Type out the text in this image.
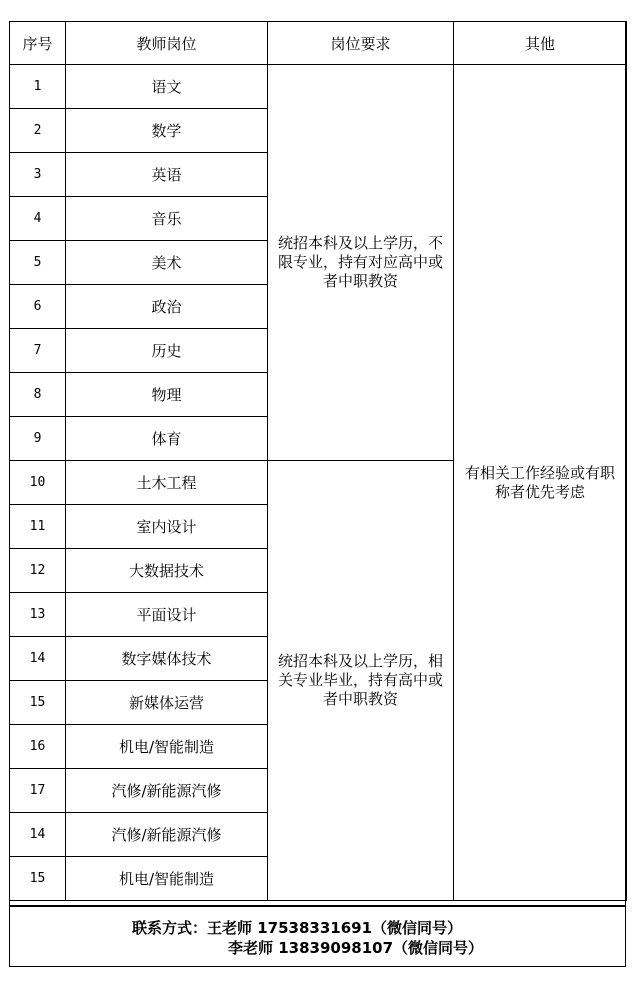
序号	教师岗位	岗位要求	其他
1	语文	统招本科及以上学历，不限专业，持有对应高中或者中职教资	有相关工作经验或有职称者优先考虑
2	数学		
3	英语		
4	音乐		
5	美术		
6	政治		
7	历史		
8	物理		
9	体育		
10	土木工程	统招本科及以上学历，相关专业毕业，持有高中或者中职教资	
11	室内设计		
12	大数据技术		
13	平面设计		
14	数字媒体技术		
15	新媒体运营		
16	机电/智能制造		
17	汽修/新能源汽修		
14	汽修/新能源汽修		
15	机电/智能制造		
联系方式：王老师 17538331691（微信同号）
李老师 13839098107（微信同号）
